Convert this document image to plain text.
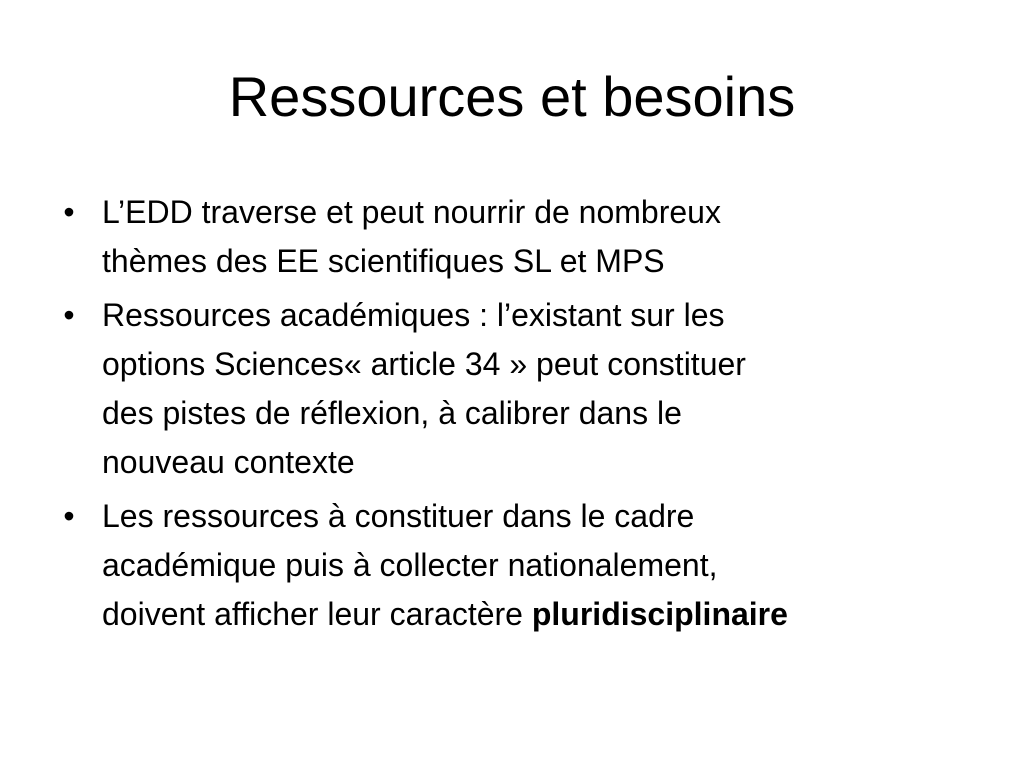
Ressources et besoins
• L’EDD traverse et peut nourrir de nombreux
thèmes des EE scientifiques SL et MPS
• Ressources académiques : l’existant sur les
options Sciences« article 34 » peut constituer
des pistes de réflexion, à calibrer dans le
nouveau contexte
• Les ressources à constituer dans le cadre
académique puis à collecter nationalement,
doivent afficher leur caractère pluridisciplinaire
